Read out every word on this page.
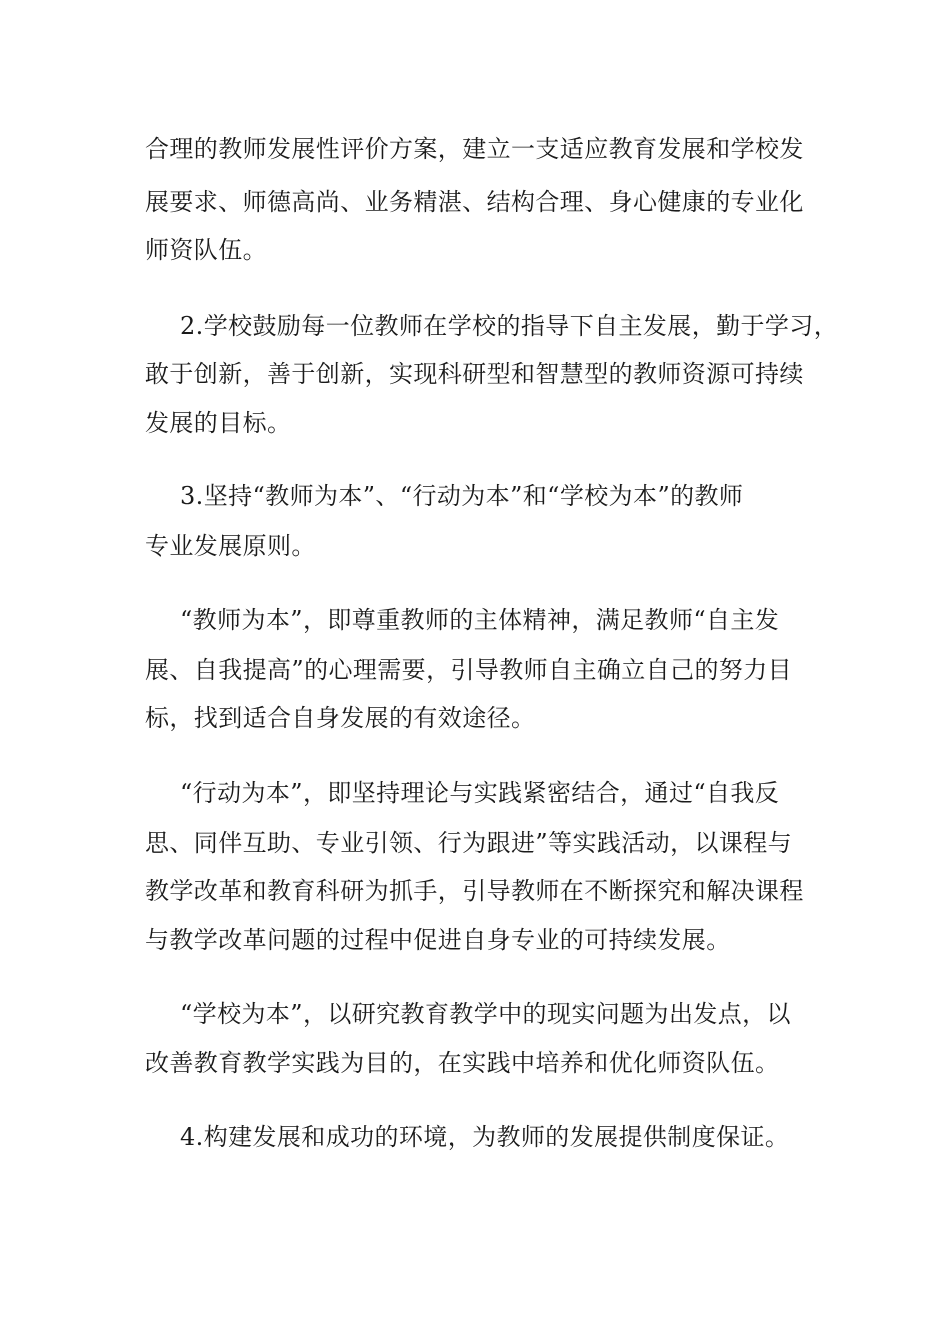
合理的教师发展性评价方案，建立一支适应教育发展和学校发
展要求、师德高尚、业务精湛、结构合理、身心健康的专业化
师资队伍。
2.学校鼓励每一位教师在学校的指导下自主发展，勤于学习，
敢于创新，善于创新，实现科研型和智慧型的教师资源可持续
发展的目标。
3.坚持“教师为本”、“行动为本”和“学校为本”的教师
专业发展原则。
“教师为本”，即尊重教师的主体精神，满足教师“自主发
展、自我提高”的心理需要，引导教师自主确立自己的努力目
标，找到适合自身发展的有效途径。
“行动为本”，即坚持理论与实践紧密结合，通过“自我反
思、同伴互助、专业引领、行为跟进”等实践活动，以课程与
教学改革和教育科研为抓手，引导教师在不断探究和解决课程
与教学改革问题的过程中促进自身专业的可持续发展。
“学校为本”，以研究教育教学中的现实问题为出发点，以
改善教育教学实践为目的，在实践中培养和优化师资队伍。
4.构建发展和成功的环境，为教师的发展提供制度保证。
